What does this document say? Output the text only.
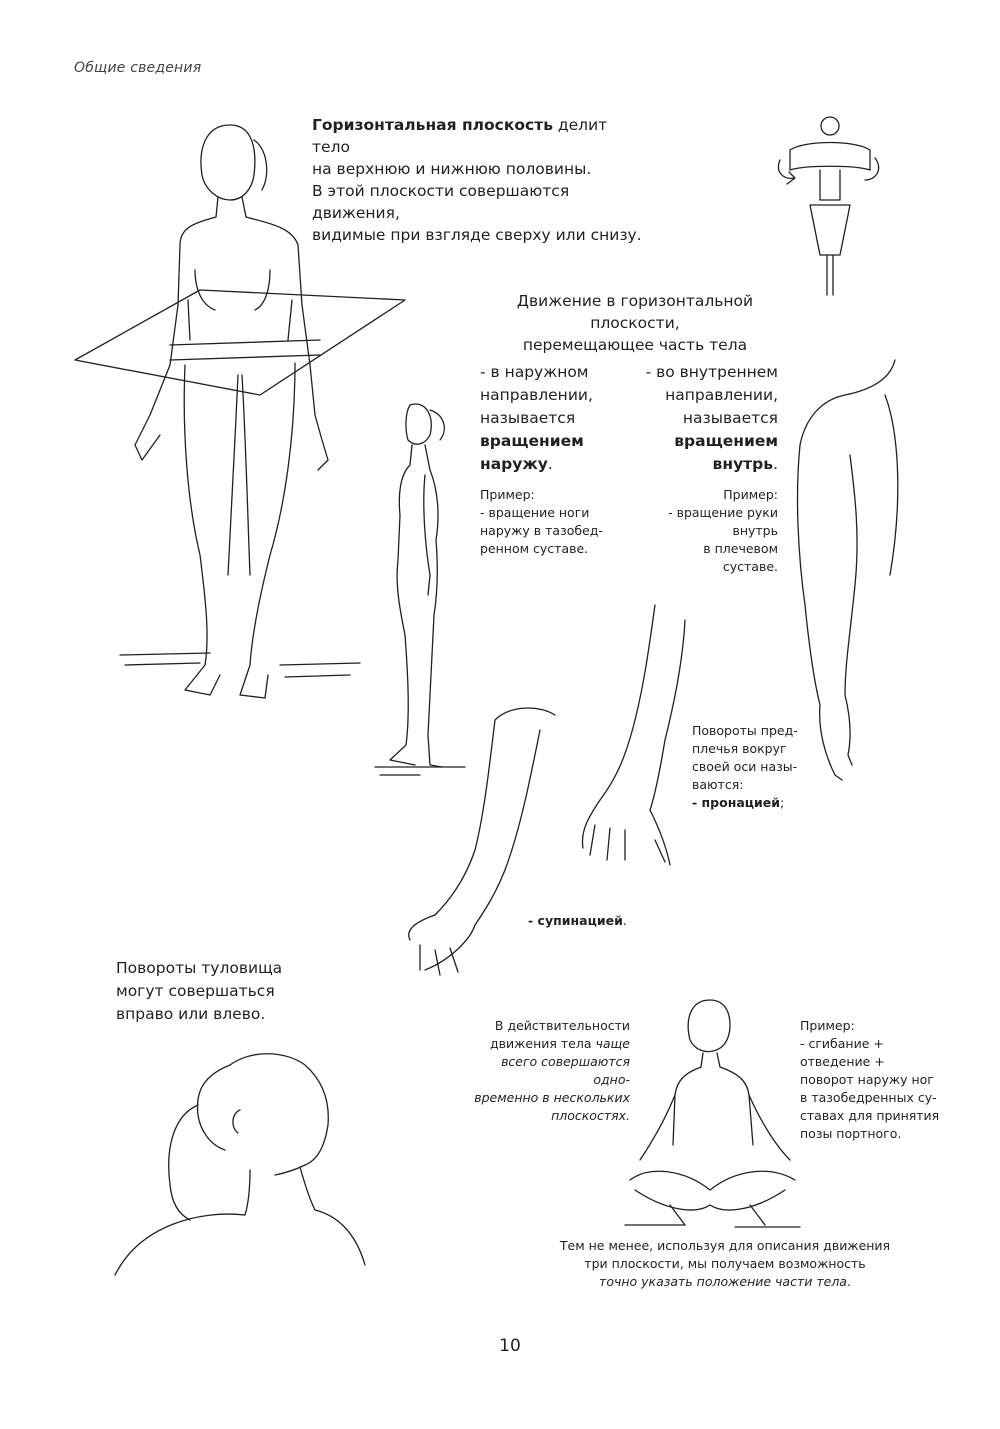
Общие сведения

Горизонтальная плоскость делит тело
на верхнюю и нижнюю половины.
В этой плоскости совершаются движения,
видимые при взгляде сверху или снизу.

Движение в горизонтальной плоскости,
перемещающее часть тела

- в наружном
направлении,
называется
вращением
наружу.

Пример:
- вращение ноги
наружу в тазобед-
ренном суставе.

- во внутреннем
направлении,
называется
вращением
внутрь.

Пример:
- вращение руки
внутрь
в плечевом
суставе.

Повороты пред-
плечья вокруг
своей оси назы-
ваются:
- пронацией;

- супинацией.

Повороты туловища
могут совершаться
вправо или влево.

В действительности
движения тела чаще
всего совершаются одно-
временно в нескольких
плоскостях.

Пример:
- сгибание +
отведение +
поворот наружу ног
в тазобедренных су-
ставах для принятия
позы портного.

Тем не менее, используя для описания движения
три плоскости, мы получаем возможность
точно указать положение части тела.

10
